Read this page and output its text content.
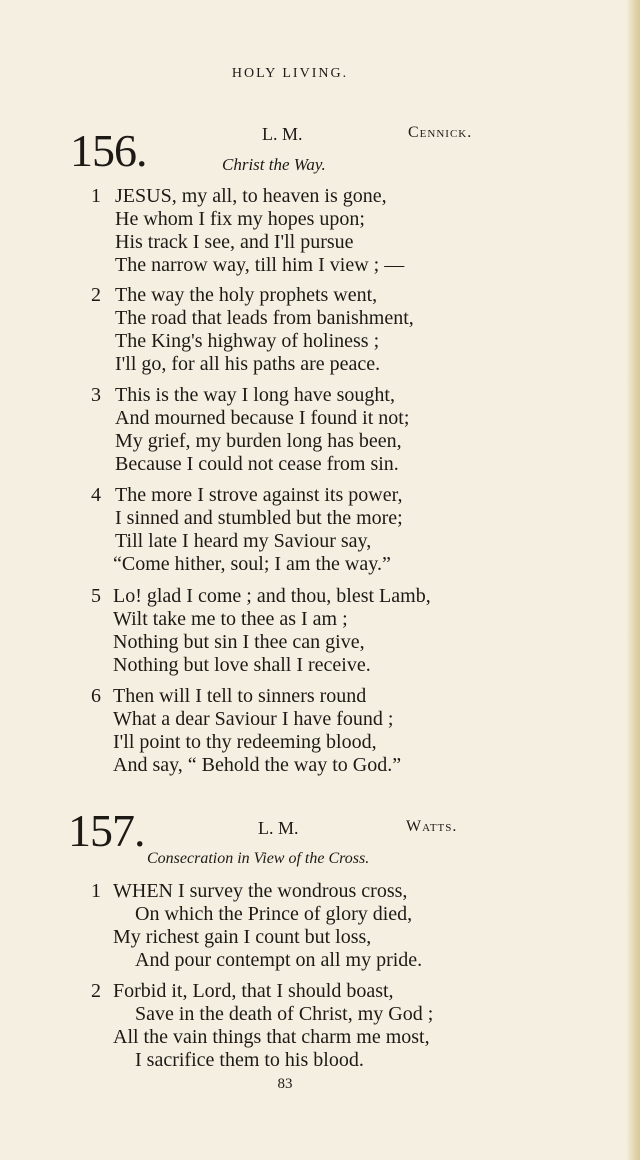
HOLY LIVING.
156.	L. M.	Cennick.
Christ the Way.
1 JESUS, my all, to heaven is gone,
He whom I fix my hopes upon;
His track I see, and I'll pursue
The narrow way, till him I view ; —
2 The way the holy prophets went,
The road that leads from banishment,
The King's highway of holiness ;
I'll go, for all his paths are peace.
3 This is the way I long have sought,
And mourned because I found it not;
My grief, my burden long has been,
Because I could not cease from sin.
4 The more I strove against its power,
I sinned and stumbled but the more;
Till late I heard my Saviour say,
“Come hither, soul; I am the way.”
5 Lo! glad I come ; and thou, blest Lamb,
Wilt take me to thee as I am ;
Nothing but sin I thee can give,
Nothing but love shall I receive.
6 Then will I tell to sinners round
What a dear Saviour I have found ;
I'll point to thy redeeming blood,
And say, “ Behold the way to God.”
157.	L. M.	Watts.
Consecration in View of the Cross.
1 WHEN I survey the wondrous cross,
On which the Prince of glory died,
My richest gain I count but loss,
And pour contempt on all my pride.
2 Forbid it, Lord, that I should boast,
Save in the death of Christ, my God ;
All the vain things that charm me most,
I sacrifice them to his blood.
83
